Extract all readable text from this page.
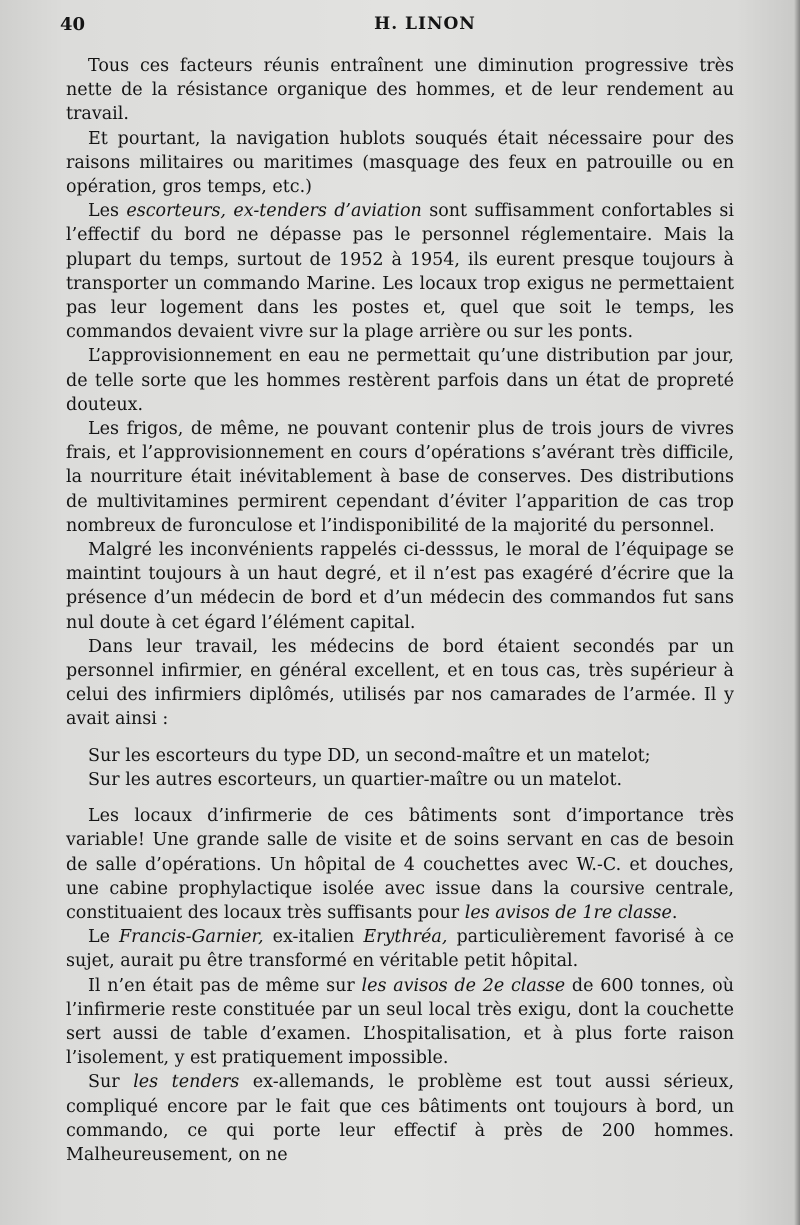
40	H. LINON

Tous ces facteurs réunis entraînent une diminution progressive très nette de la résistance organique des hommes, et de leur rendement au travail.

Et pourtant, la navigation hublots souqués était nécessaire pour des raisons militaires ou maritimes (masquage des feux en patrouille ou en opération, gros temps, etc.)

Les escorteurs, ex-tenders d’aviation sont suffisamment confortables si l’effectif du bord ne dépasse pas le personnel réglementaire. Mais la plupart du temps, surtout de 1952 à 1954, ils eurent presque toujours à transporter un commando Marine. Les locaux trop exigus ne permettaient pas leur logement dans les postes et, quel que soit le temps, les commandos devaient vivre sur la plage arrière ou sur les ponts.

L’approvisionnement en eau ne permettait qu’une distribution par jour, de telle sorte que les hommes restèrent parfois dans un état de propreté douteux.

Les frigos, de même, ne pouvant contenir plus de trois jours de vivres frais, et l’approvisionnement en cours d’opérations s’avérant très difficile, la nourriture était inévitablement à base de conserves. Des distributions de multivitamines permirent cependant d’éviter l’apparition de cas trop nombreux de furonculose et l’indisponibilité de la majorité du personnel.

Malgré les inconvénients rappelés ci-desssus, le moral de l’équipage se maintint toujours à un haut degré, et il n’est pas exagéré d’écrire que la présence d’un médecin de bord et d’un médecin des commandos fut sans nul doute à cet égard l’élément capital.

Dans leur travail, les médecins de bord étaient secondés par un personnel infirmier, en général excellent, et en tous cas, très supérieur à celui des infirmiers diplômés, utilisés par nos camarades de l’armée. Il y avait ainsi :

Sur les escorteurs du type DD, un second-maître et un matelot;

Sur les autres escorteurs, un quartier-maître ou un matelot.

Les locaux d’infirmerie de ces bâtiments sont d’importance très variable! Une grande salle de visite et de soins servant en cas de besoin de salle d’opérations. Un hôpital de 4 couchettes avec W.-C. et douches, une cabine prophylactique isolée avec issue dans la coursive centrale, constituaient des locaux très suffisants pour les avisos de 1re classe.

Le Francis-Garnier, ex-italien Erythréa, particulièrement favorisé à ce sujet, aurait pu être transformé en véritable petit hôpital.

Il n’en était pas de même sur les avisos de 2e classe de 600 tonnes, où l’infirmerie reste constituée par un seul local très exigu, dont la couchette sert aussi de table d’examen. L’hospitalisation, et à plus forte raison l’isolement, y est pratiquement impossible.

Sur les tenders ex-allemands, le problème est tout aussi sérieux, compliqué encore par le fait que ces bâtiments ont toujours à bord, un commando, ce qui porte leur effectif à près de 200 hommes. Malheureusement, on ne
